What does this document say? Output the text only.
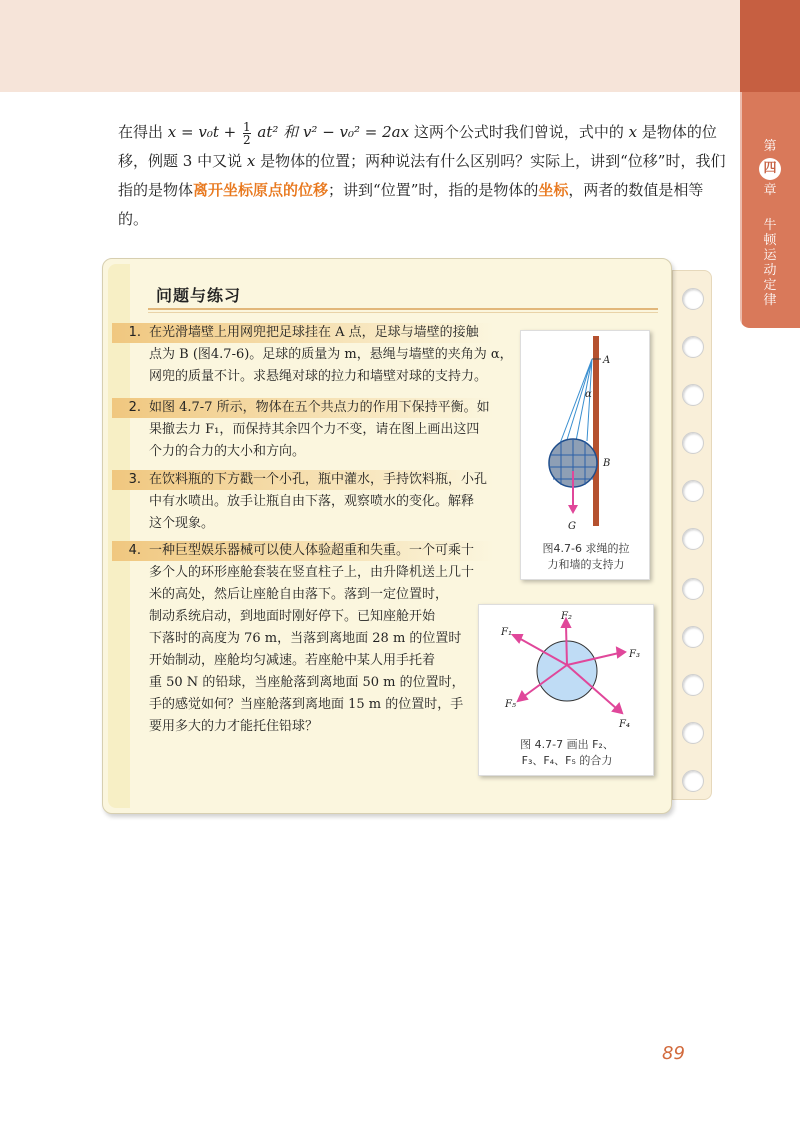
第
四
章
牛顿运动定律

在得出 $x = v_0t + \frac{1}{2} at^2$ 和 v² − v₀² = 2ax 这两个公式时我们曾说，式中的 x 是物体的位移，例题 3 中又说 x 是物体的位置；两种说法有什么区别吗？实际上，讲到“位移”时，我们指的是物体离开坐标原点的位移；讲到“位置”时，指的是物体的坐标，两者的数值是相等的。

问题与练习
1. 在光滑墙壁上用网兜把足球挂在 A 点，足球与墙壁的接触
点为 B (图4.7-6)。足球的质量为 m，悬绳与墙壁的夹角为 α，
网兜的质量不计。求悬绳对球的拉力和墙壁对球的支持力。
2. 如图 4.7-7 所示，物体在五个共点力的作用下保持平衡。如
果撤去力 F₁，而保持其余四个力不变，请在图上画出这四
个力的合力的大小和方向。
3. 在饮料瓶的下方戳一个小孔，瓶中灌水，手持饮料瓶，小孔
中有水喷出。放手让瓶自由下落，观察喷水的变化。解释
这个现象。
4. 一种巨型娱乐器械可以使人体验超重和失重。一个可乘十
多个人的环形座舱套装在竖直柱子上，由升降机送上几十
米的高处，然后让座舱自由落下。落到一定位置时，
制动系统启动，到地面时刚好停下。已知座舱开始
下落时的高度为 76 m，当落到离地面 28 m 的位置时
开始制动，座舱均匀减速。若座舱中某人用手托着
重 50 N 的铅球，当座舱落到离地面 50 m 的位置时，
手的感觉如何？当座舱落到离地面 15 m 的位置时，手
要用多大的力才能托住铅球？
A
B
G
α
图4.7-6 求绳的拉
力和墙的支持力
F₁
F₂
F₃
F₄
F₅
图 4.7-7 画出 F₂、
F₃、F₄、F₅ 的合力
89
